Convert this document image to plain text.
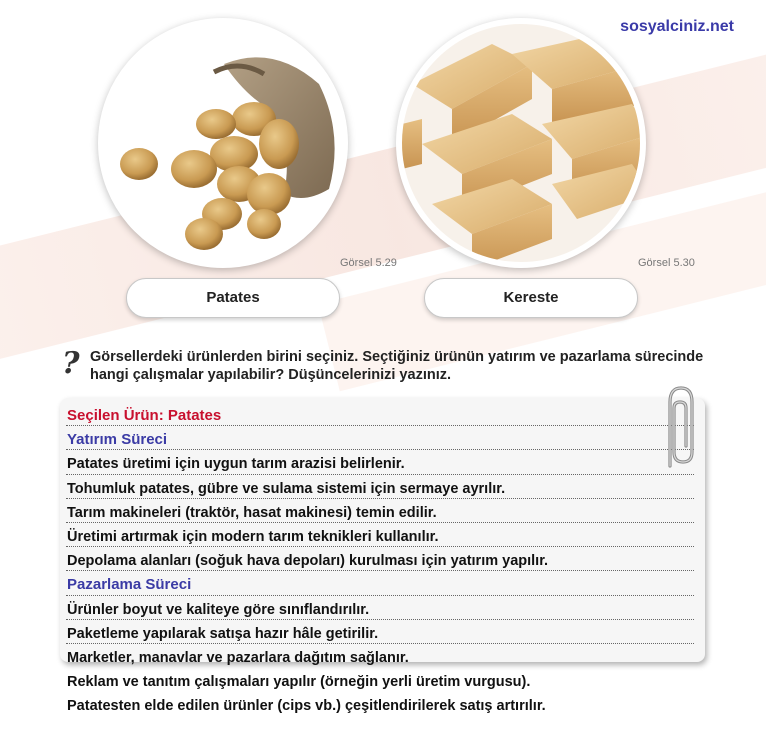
sosyalciniz.net
Görsel 5.29
Patates
Görsel 5.30
Kereste
? Görsellerdeki ürünlerden birini seçiniz. Seçtiğiniz ürünün yatırım ve pazarlama sürecinde hangi çalışmalar yapılabilir? Düşüncelerinizi yazınız.
Seçilen Ürün: Patates
Yatırım Süreci
Patates üretimi için uygun tarım arazisi belirlenir.
Tohumluk patates, gübre ve sulama sistemi için sermaye ayrılır.
Tarım makineleri (traktör, hasat makinesi) temin edilir.
Üretimi artırmak için modern tarım teknikleri kullanılır.
Depolama alanları (soğuk hava depoları) kurulması için yatırım yapılır.
Pazarlama Süreci
Ürünler boyut ve kaliteye göre sınıflandırılır.
Paketleme yapılarak satışa hazır hâle getirilir.
Marketler, manavlar ve pazarlara dağıtım sağlanır.
Reklam ve tanıtım çalışmaları yapılır (örneğin yerli üretim vurgusu).
Patatesten elde edilen ürünler (cips vb.) çeşitlendirilerek satış artırılır.
